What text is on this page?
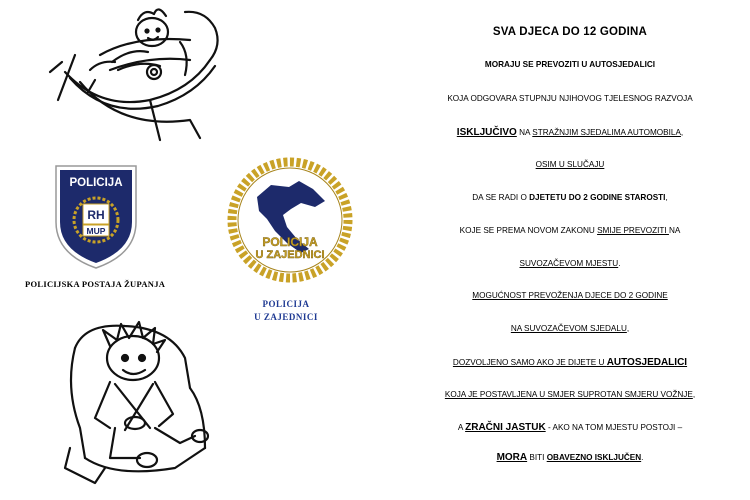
POLICIJA
RH
MUP
POLICIJSKA POSTAJA ŽUPANJA
POLICIJA
U ZAJEDNICI
POLICIJA
U ZAJEDNICI
SVA DJECA DO 12 GODINA
MORAJU SE PREVOZITI U AUTOSJEDALICI
KOJA ODGOVARA STUPNJU NJIHOVOG TJELESNOG RAZVOJA
ISKLJUČIVO NA STRAŽNJIM SJEDALIMA AUTOMOBILA,
OSIM U SLUČAJU
DA SE RADI O DJETETU DO 2 GODINE STAROSTI,
KOJE SE PREMA NOVOM ZAKONU SMIJE PREVOZITI NA
SUVOZAČEVOM MJESTU.
MOGUĆNOST PREVOŽENJA DJECE DO 2 GODINE
NA SUVOZAČEVOM SJEDALU,
DOZVOLJENO SAMO AKO JE DIJETE U AUTOSJEDALICI
KOJA JE POSTAVLJENA U SMJER SUPROTAN SMJERU VOŽNJE,
A ZRAČNI JASTUK - AKO NA TOM MJESTU POSTOJI –
MORA BITI OBAVEZNO ISKLJUČEN.
